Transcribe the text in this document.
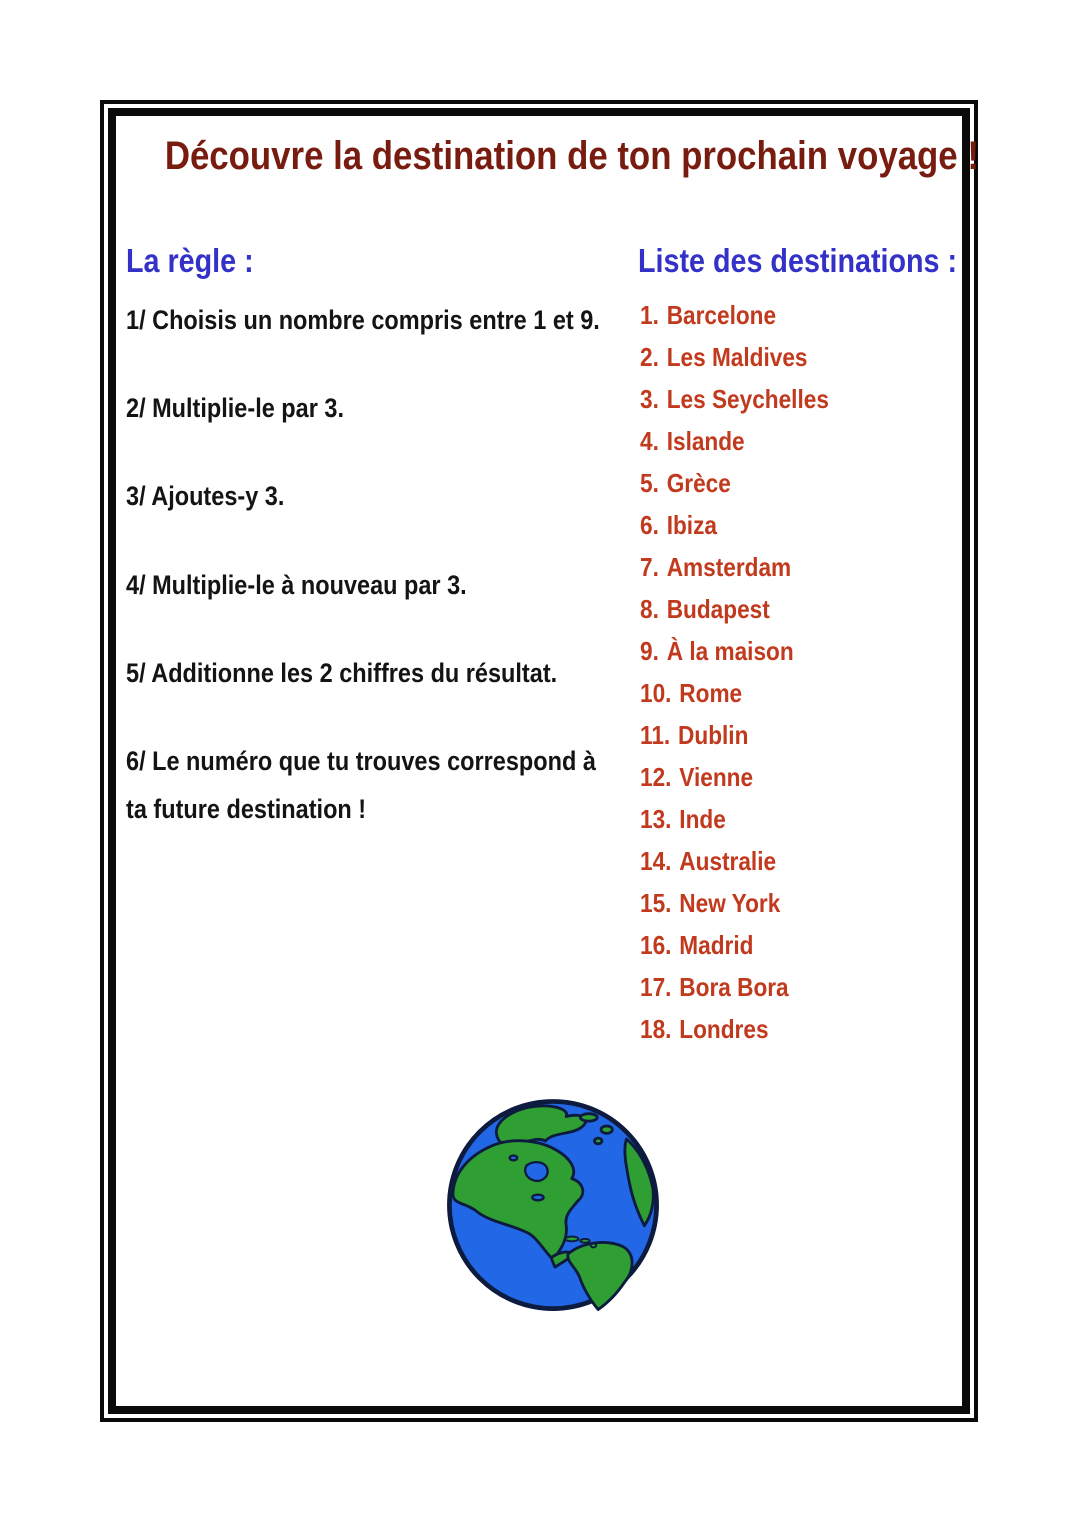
Découvre la destination de ton prochain voyage !
La règle :
1/ Choisis un nombre compris entre 1 et 9.
2/ Multiplie-le par 3.
3/ Ajoutes-y 3.
4/ Multiplie-le à nouveau par 3.
5/ Additionne les 2 chiffres du résultat.
6/ Le numéro que tu trouves correspond à ta future destination !
Liste des destinations :
1. Barcelone
2. Les Maldives
3. Les Seychelles
4. Islande
5. Grèce
6. Ibiza
7. Amsterdam
8. Budapest
9. À la maison
10. Rome
11. Dublin
12. Vienne
13. Inde
14. Australie
15. New York
16. Madrid
17. Bora Bora
18. Londres
